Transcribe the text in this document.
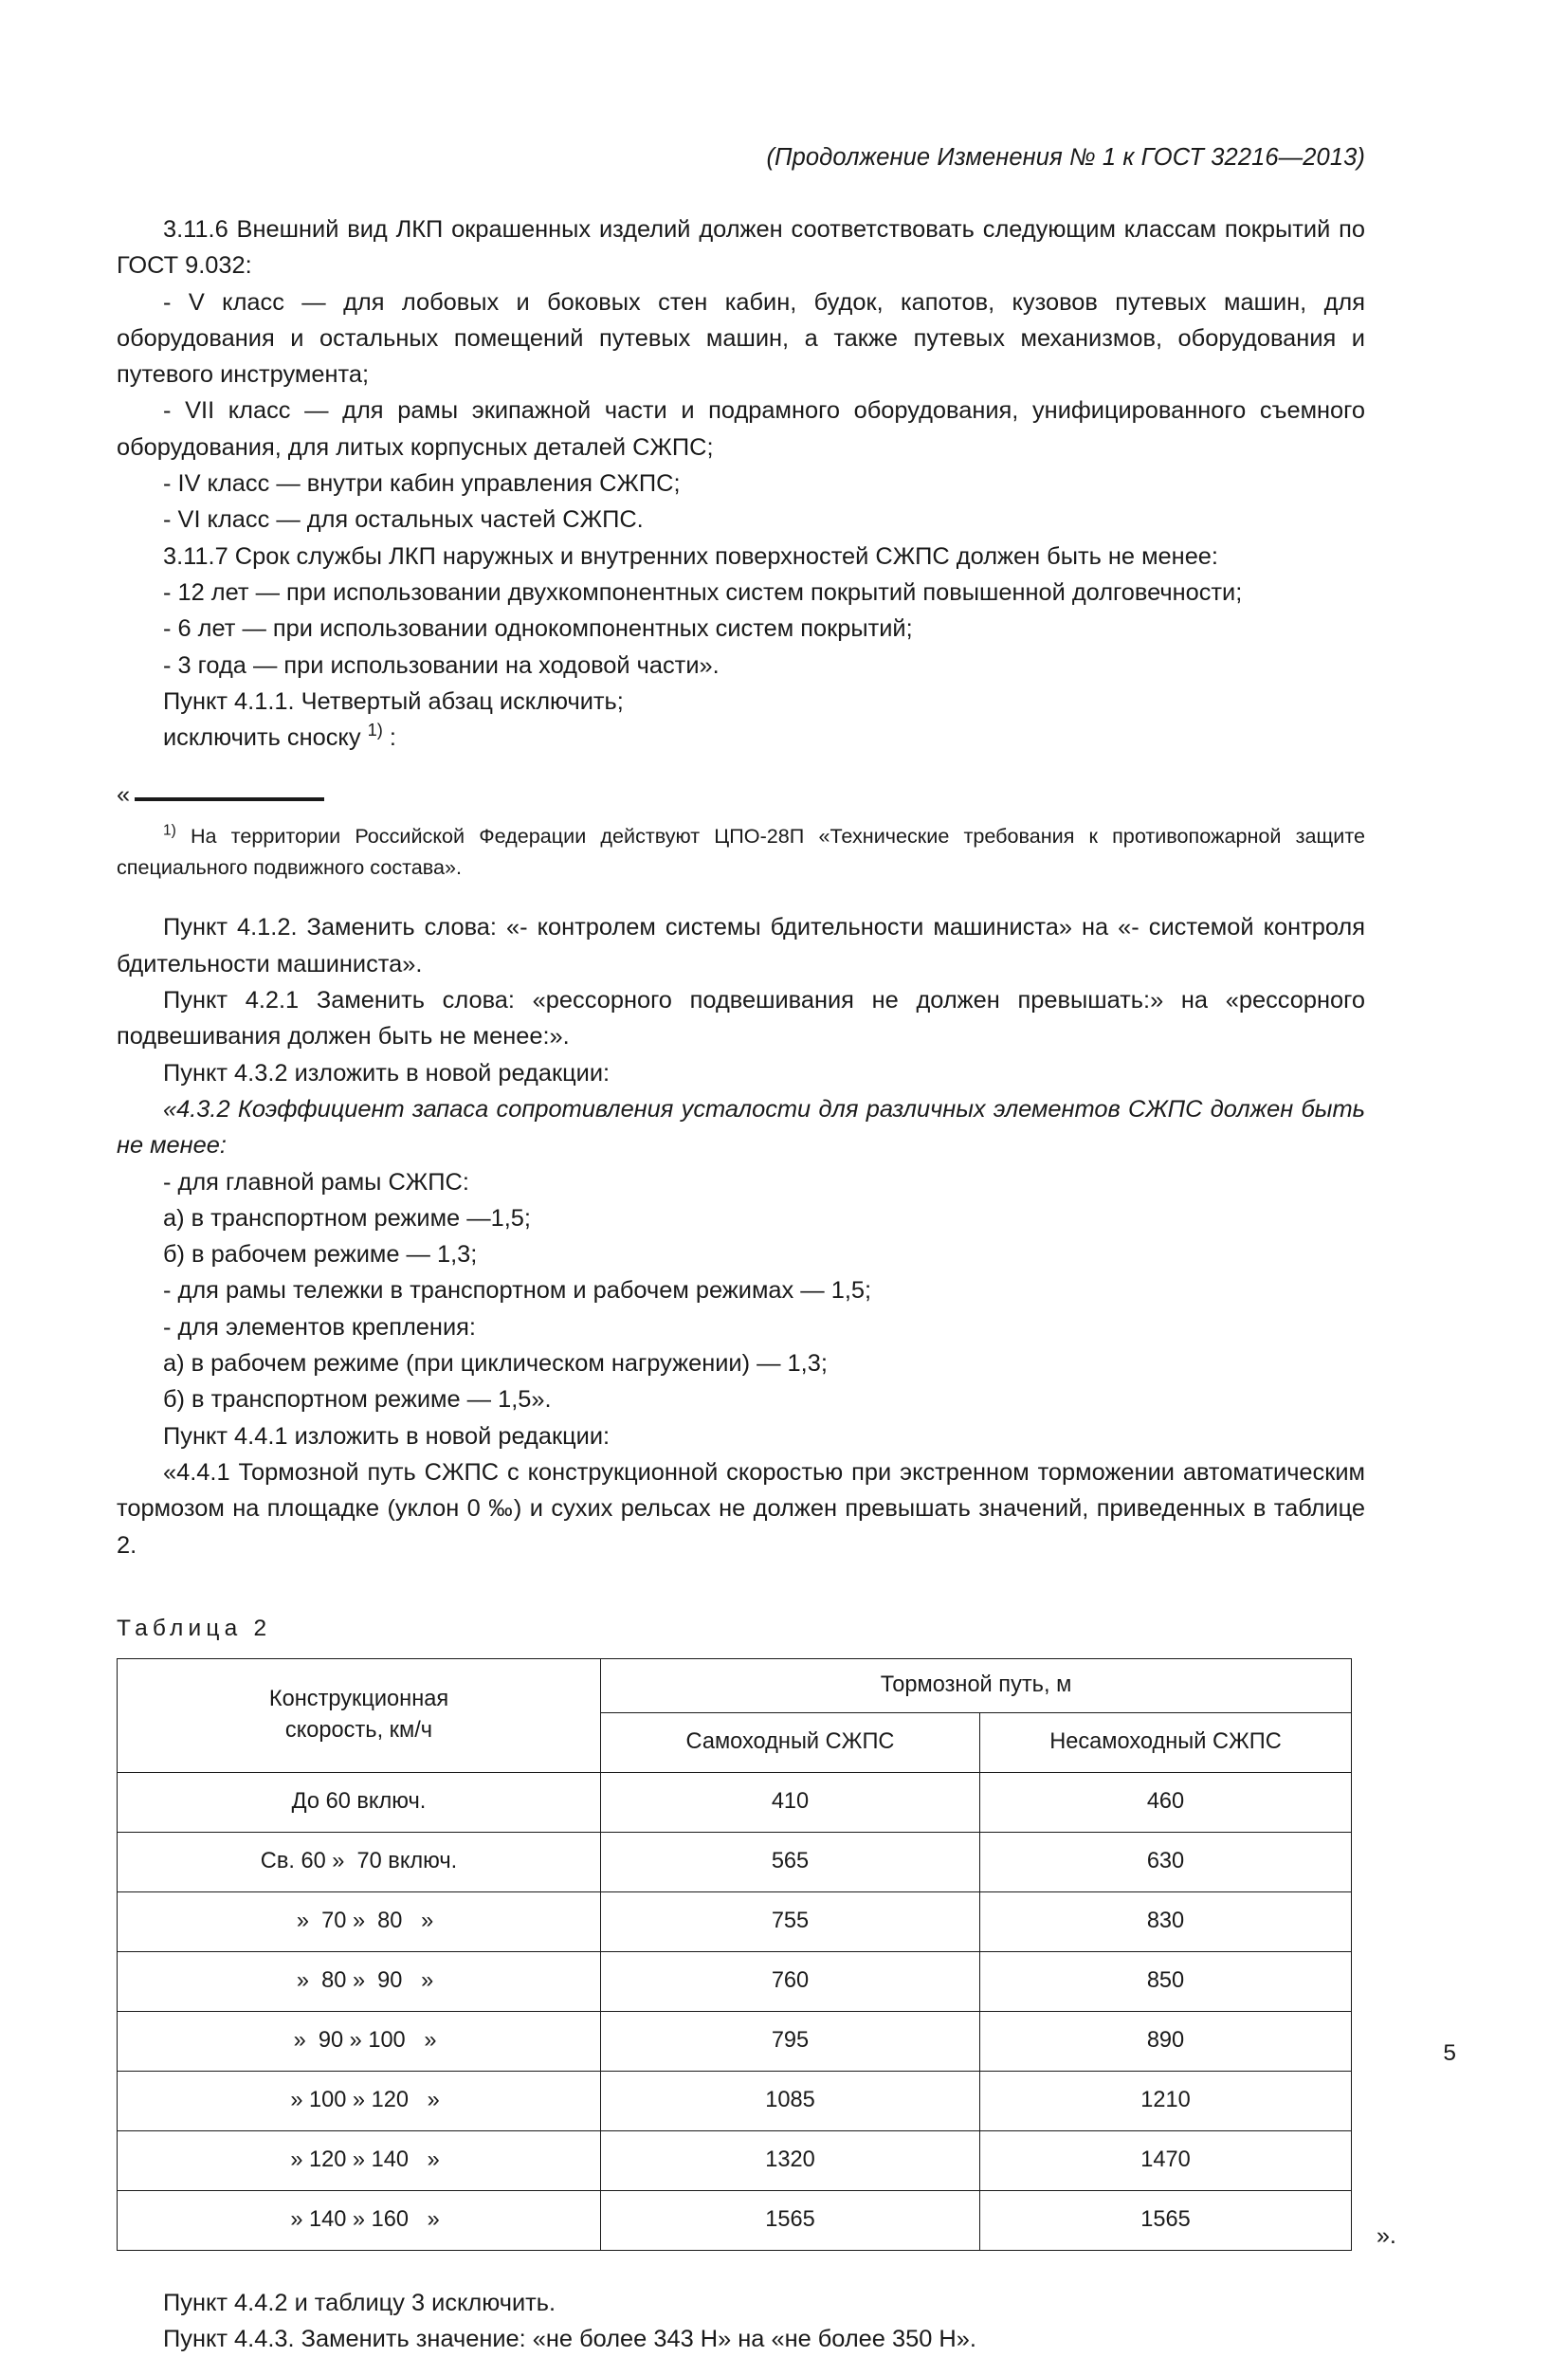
(Продолжение Изменения № 1 к ГОСТ 32216—2013)

3.11.6 Внешний вид ЛКП окрашенных изделий должен соответствовать следующим классам покрытий по ГОСТ 9.032:

- V класс — для лобовых и боковых стен кабин, будок, капотов, кузовов путевых машин, для оборудования и остальных помещений путевых машин, а также путевых механизмов, оборудования и путевого инструмента;

- VII класс — для рамы экипажной части и подрамного оборудования, унифицированного съемного оборудования, для литых корпусных деталей СЖПС;

- IV класс — внутри кабин управления СЖПС;

- VI класс — для остальных частей СЖПС.

3.11.7 Срок службы ЛКП наружных и внутренних поверхностей СЖПС должен быть не менее:

- 12 лет — при использовании двухкомпонентных систем покрытий повышенной долговечности;

- 6 лет — при использовании однокомпонентных систем покрытий;

- 3 года — при использовании на ходовой части».

Пункт 4.1.1. Четвертый абзац исключить;

исключить сноску $^{1)}$ :

«

$^{1)}$ На территории Российской Федерации действуют ЦПО-28П «Технические требования к противопожарной защите специального подвижного состава».

Пункт 4.1.2. Заменить слова: «- контролем системы бдительности машиниста» на «- системой контроля бдительности машиниста».

Пункт 4.2.1 Заменить слова: «рессорного подвешивания не должен превышать:» на «рессорного подвешивания должен быть не менее:».

Пункт 4.3.2 изложить в новой редакции:

«4.3.2 Коэффициент запаса сопротивления усталости для различных элементов СЖПС должен быть не менее:

- для главной рамы СЖПС:

а) в транспортном режиме —1,5;

б) в рабочем режиме — 1,3;

- для рамы тележки в транспортном и рабочем режимах — 1,5;

- для элементов крепления:

а) в рабочем режиме (при циклическом нагружении) — 1,3;

б) в транспортном режиме — 1,5».

Пункт 4.4.1 изложить в новой редакции:

«4.4.1 Тормозной путь СЖПС с конструкционной скоростью при экстренном торможении автоматическим тормозом на площадке (уклон 0 ‰) и сухих рельсах не должен превышать значений, приведенных в таблице 2.

Таблица 2

Конструкционная
скорость, км/ч	Тормозной путь, м	
	Самоходный СЖПС	Несамоходный СЖПС
До 60 включ.	410	460
Св. 60 »  70 включ.	565	630
»  70 »  80   »	755	830
»  80 »  90   »	760	850
»  90 » 100   »	795	890
» 100 » 120   »	1085	1210
» 120 » 140   »	1320	1470
» 140 » 160   »	1565	1565
».

Пункт 4.4.2 и таблицу 3 исключить.

Пункт 4.4.3. Заменить значение: «не более 343 Н» на «не более 350 Н».

5
